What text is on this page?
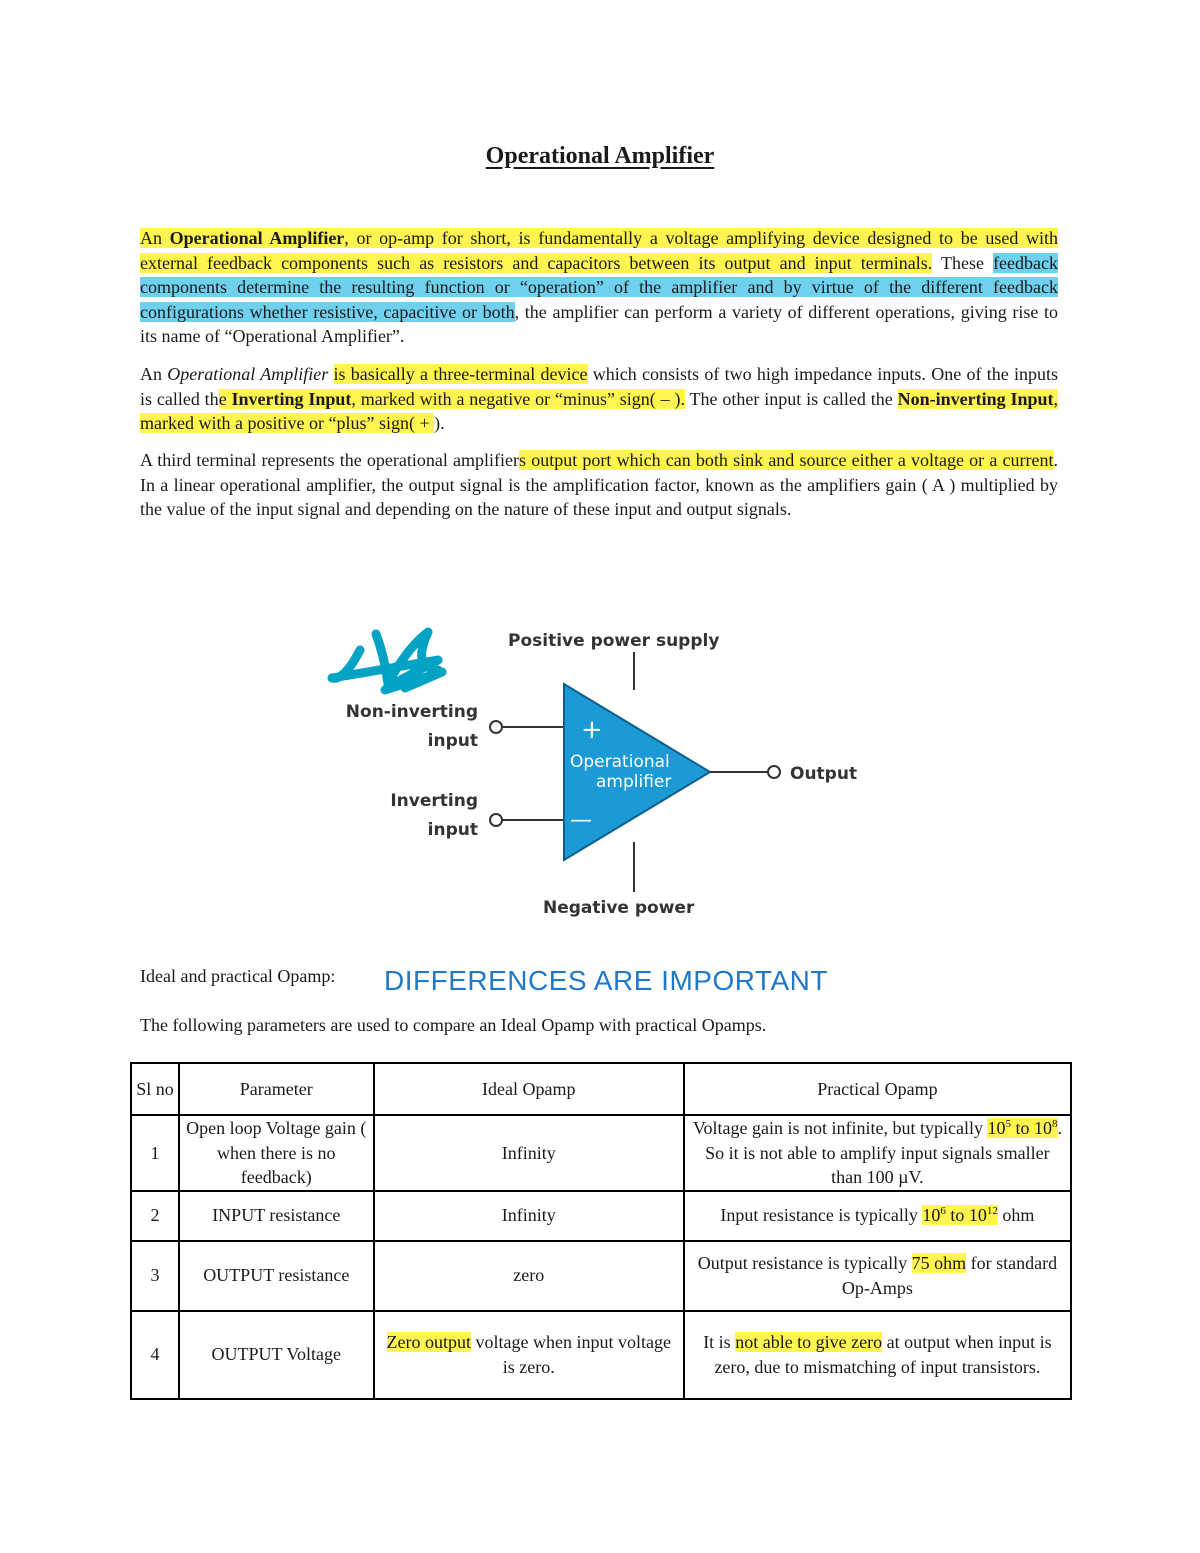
Operational Amplifier

An Operational Amplifier, or op-amp for short, is fundamentally a voltage amplifying device designed to be used with external feedback components such as resistors and capacitors between its output and input terminals. These feedback components determine the resulting function or “operation” of the amplifier and by virtue of the different feedback configurations whether resistive, capacitive or both, the amplifier can perform a variety of different operations, giving rise to its name of “Operational Amplifier”.

An Operational Amplifier is basically a three-terminal device which consists of two high impedance inputs. One of the inputs is called the Inverting Input, marked with a negative or “minus” sign( – ). The other input is called the Non-inverting Input, marked with a positive or “plus” sign( + ).

A third terminal represents the operational amplifiers output port which can both sink and source either a voltage or a current. In a linear operational amplifier, the output signal is the amplification factor, known as the amplifiers gain ( A ) multiplied by the value of the input signal and depending on the nature of these input and output signals.

Positive power supply
Non-inverting
input
Inverting
input
+
—
Operational
amplifier	Output
Negative power
Ideal and practical Opamp: DIFFERENCES ARE IMPORTANT
The following parameters are used to compare an Ideal Opamp with practical Opamps.
Sl no	Parameter	Ideal Opamp	Practical Opamp
1	Open loop Voltage gain ( when there is no feedback)	Infinity	Voltage gain is not infinite, but typically $10^5$ to $10^8$. So it is not able to amplify input signals smaller than 100 µV.
2	INPUT resistance	Infinity	Input resistance is typically $10^6$ to $10^{12}$ ohm
3	OUTPUT resistance	zero	Output resistance is typically 75 ohm for standard Op-Amps
4	OUTPUT Voltage	Zero output voltage when input voltage is zero.	It is not able to give zero at output when input is zero, due to mismatching of input transistors.
